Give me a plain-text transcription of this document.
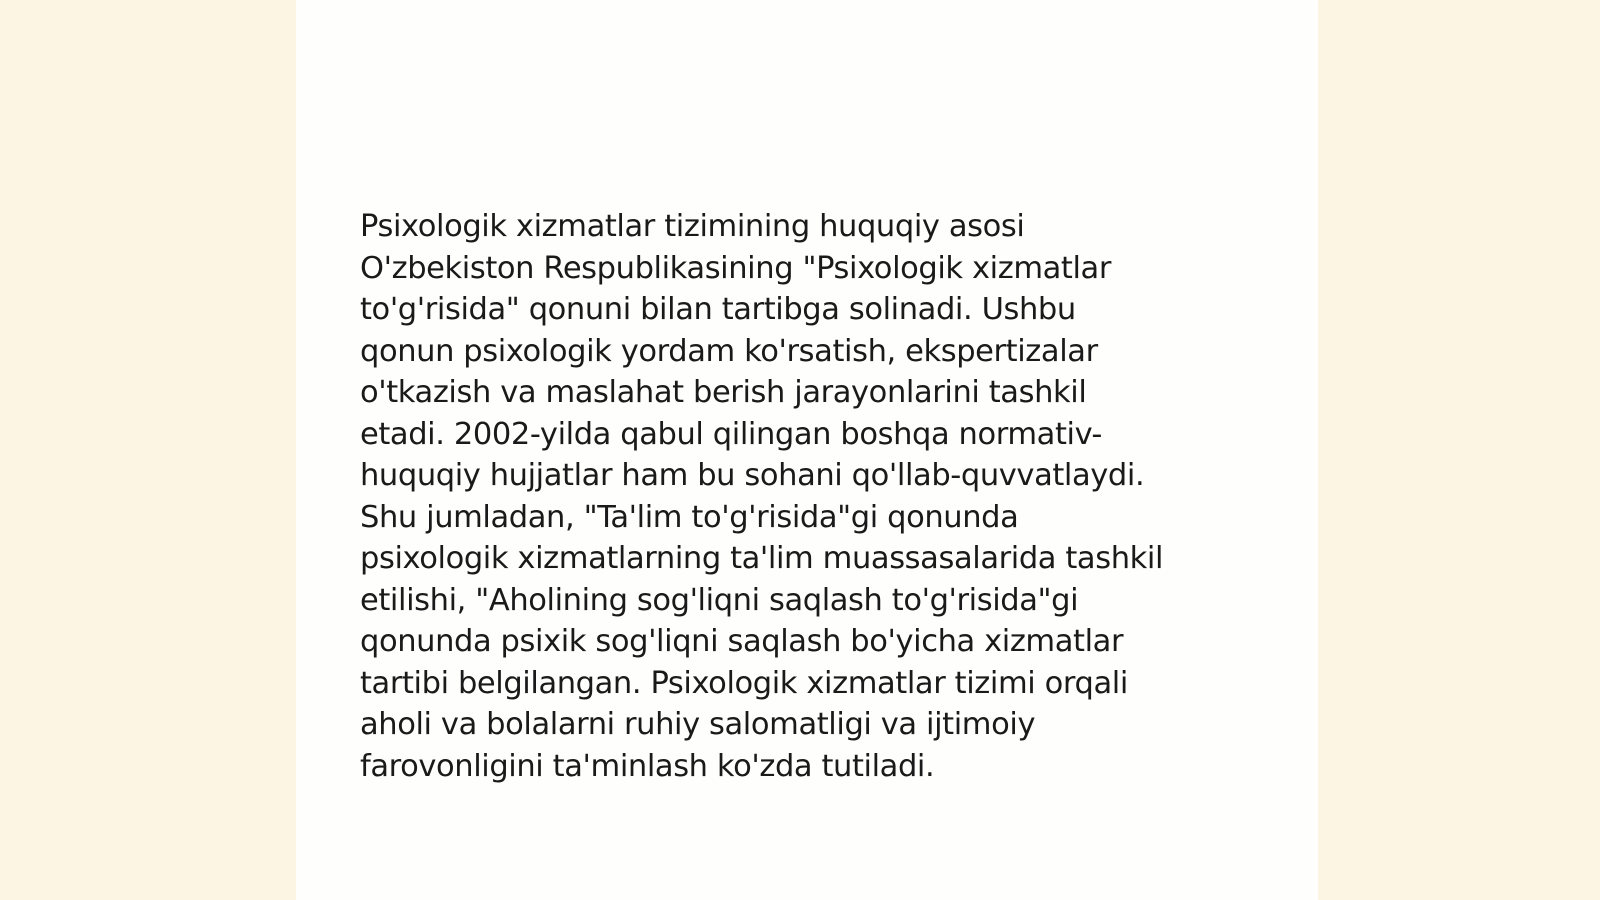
Psixologik xizmatlar tizimining huquqiy asosi
O'zbekiston Respublikasining "Psixologik xizmatlar
to'g'risida" qonuni bilan tartibga solinadi. Ushbu
qonun psixologik yordam ko'rsatish, ekspertizalar
o'tkazish va maslahat berish jarayonlarini tashkil
etadi. 2002-yilda qabul qilingan boshqa normativ-
huquqiy hujjatlar ham bu sohani qo'llab-quvvatlaydi.
Shu jumladan, "Ta'lim to'g'risida"gi qonunda
psixologik xizmatlarning ta'lim muassasalarida tashkil
etilishi, "Aholining sog'liqni saqlash to'g'risida"gi
qonunda psixik sog'liqni saqlash bo'yicha xizmatlar
tartibi belgilangan. Psixologik xizmatlar tizimi orqali
aholi va bolalarni ruhiy salomatligi va ijtimoiy
farovonligini ta'minlash ko'zda tutiladi.
